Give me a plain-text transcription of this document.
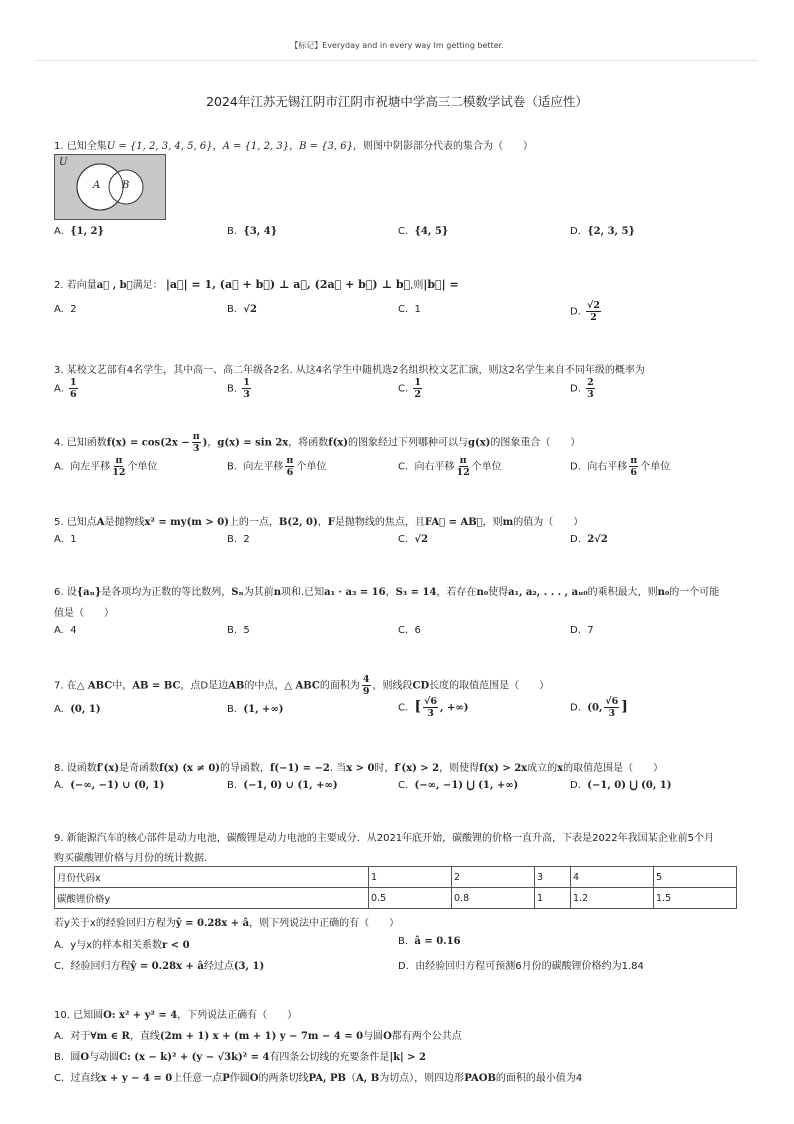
【标记】Everyday and in every way Im getting better.
2024年江苏无锡江阴市江阴市祝塘中学高三二模数学试卷（适应性）
1. 已知全集U = {1, 2, 3, 4, 5, 6}，A = {1, 2, 3}，B = {3, 6}，则图中阴影部分代表的集合为（　　）
U
A B
A. {1, 2}	B. {3, 4}	C. {4, 5}	D. {2, 3, 5}
2. 若向量a⃗ , b⃗满足： |a⃗| = 1, (a⃗ + b⃗) ⊥ a⃗, (2a⃗ + b⃗) ⊥ b⃗,则|b⃗| =
A. 2	B. √2	C. 1	D. $\frac{√2}{2}$
3. 某校文艺部有4名学生，其中高一、高二年级各2名. 从这4名学生中随机选2名组织校文艺汇演，则这2名学生来自不同年级的概率为
A. $\frac{1}{6}$	B. $\frac{1}{3}$	C. $\frac{1}{2}$	D. $\frac{2}{3}$
4. 已知函数$f(x) = \cos(2x - \frac{\pi}{3}$ )，g(x) = sin 2x，将函数f(x)的图象经过下列哪种可以与g(x)的图象重合（　　）
A. 向左平移 $\frac{\pi}{12}$ 个单位	B. 向左平移 $\frac{\pi}{6}$ 个单位	C. 向右平移 $\frac{\pi}{12}$ 个单位	D. 向右平移 $\frac{\pi}{6}$ 个单位
5. 已知点A是抛物线x² = my(m > 0)上的一点，B(2, 0)，F是抛物线的焦点，且FA⃗ = AB⃗，则m的值为（　　）
A. 1	B. 2	C. √2	D. 2√2
6. 设{aₙ}是各项均为正数的等比数列，Sₙ为其前n项和.已知a₁ · a₃ = 16，S₃ = 14，若存在n₀使得a₁, a₂, . . . , aₙ₀的乘积最大，则n₀的一个可能
值是（　　）
A. 4	B. 5	C. 6	D. 7
7. 在△ ABC中，AB = BC，点D是边AB的中点，△ ABC的面积为 $\frac{4}{9}$ ，则线段CD长度的取值范围是（　　）
A. (0, 1)	B. (1, +∞)	C. [ $\frac{√6}{3}$ , +∞)	D. (0, $\frac{√6}{3}$ ]
8. 设函数f′(x)是奇函数f(x) (x ≠ 0)的导函数，f(−1) = −2. 当x > 0时，f′(x) > 2，则使得f(x) > 2x成立的x的取值范围是（　　）
A. (−∞, −1) ∪ (0, 1)	B. (−1, 0) ∪ (1, +∞)	C. (−∞, −1) ⋃ (1, +∞)	D. (−1, 0) ⋃ (0, 1)
9. 新能源汽车的核心部件是动力电池，碳酸锂是动力电池的主要成分．从2021年底开始，碳酸锂的价格一直升高，下表是2022年我国某企业前5个月
购买碳酸锂价格与月份的统计数据.
月份代码x	1	2	3	4	5
碳酸锂价格y	0.5	0.8	1	1.2	1.5
若y关于x的经验回归方程为ŷ = 0.28x + â，则下列说法中正确的有（　　）
A. y与x的样本相关系数r < 0	B. â = 0.16
C. 经验回归方程ŷ = 0.28x + â经过点(3, 1)	D. 由经验回归方程可预测6月份的碳酸锂价格约为1.84
10. 已知圆O: x² + y² = 4，下列说法正确有（　　）
A. 对于∀m ∈ R，直线(2m + 1) x + (m + 1) y − 7m − 4 = 0与圆O都有两个公共点
B. 圆O与动圆C: (x − k)² + (y − √3k)² = 4有四条公切线的充要条件是|k| > 2
C. 过直线x + y − 4 = 0上任意一点P作圆O的两条切线PA, PB（A, B为切点），则四边形PAOB的面积的最小值为4
